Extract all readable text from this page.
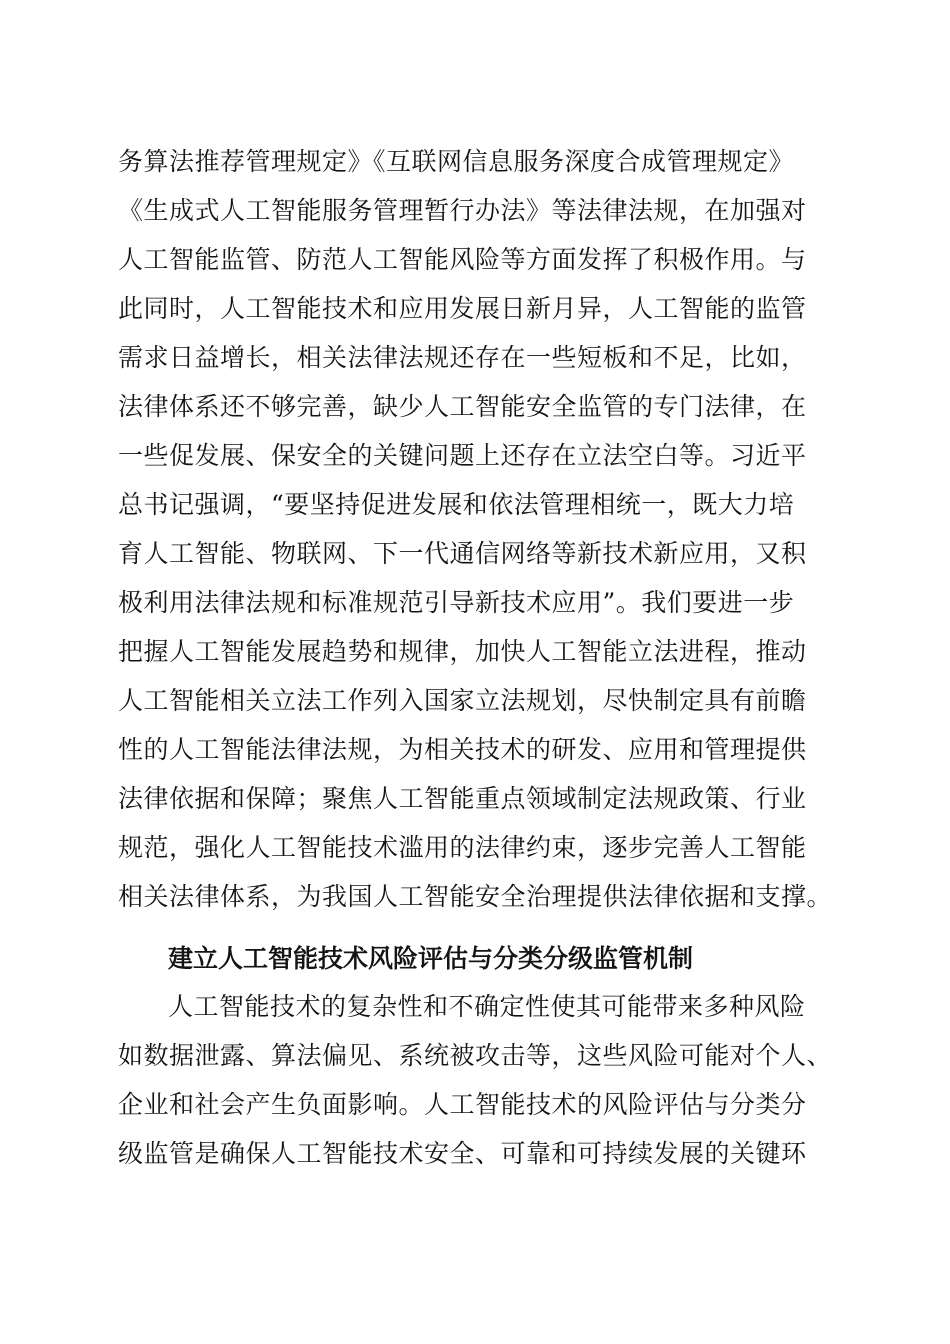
务算法推荐管理规定》《互联网信息服务深度合成管理规定》
《生成式人工智能服务管理暂行办法》等法律法规，在加强对
人工智能监管、防范人工智能风险等方面发挥了积极作用。与
此同时，人工智能技术和应用发展日新月异，人工智能的监管
需求日益增长，相关法律法规还存在一些短板和不足，比如，
法律体系还不够完善，缺少人工智能安全监管的专门法律，在
一些促发展、保安全的关键问题上还存在立法空白等。习近平
总书记强调，“要坚持促进发展和依法管理相统一，既大力培
育人工智能、物联网、下一代通信网络等新技术新应用，又积
极利用法律法规和标准规范引导新技术应用”。我们要进一步
把握人工智能发展趋势和规律，加快人工智能立法进程，推动
人工智能相关立法工作列入国家立法规划，尽快制定具有前瞻
性的人工智能法律法规，为相关技术的研发、应用和管理提供
法律依据和保障；聚焦人工智能重点领域制定法规政策、行业
规范，强化人工智能技术滥用的法律约束，逐步完善人工智能
相关法律体系，为我国人工智能安全治理提供法律依据和支撑。
建立人工智能技术风险评估与分类分级监管机制
人工智能技术的复杂性和不确定性使其可能带来多种风险
如数据泄露、算法偏见、系统被攻击等，这些风险可能对个人、
企业和社会产生负面影响。人工智能技术的风险评估与分类分
级监管是确保人工智能技术安全、可靠和可持续发展的关键环
